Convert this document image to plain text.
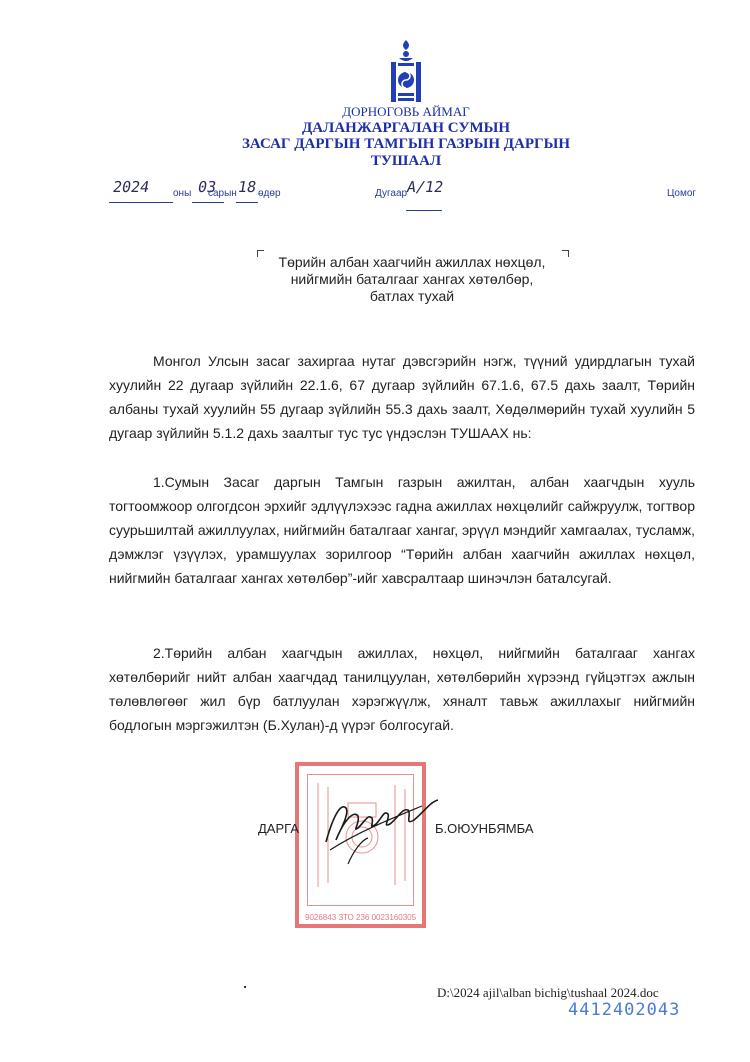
ДОРНОГОВЬ АЙМАГ
ДАЛАНЖАРГАЛАН СУМЫН
ЗАСАГ ДАРГЫН ТАМГЫН ГАЗРЫН ДАРГЫН
ТУШААЛ
2024 оны 03
сарын 18 өдөр	Дугаар
А/12	Цомог
Төрийн албан хаагчийн ажиллах нөхцөл,
нийгмийн баталгааг хангах хөтөлбөр,
батлах тухай
Монгол Улсын засаг захиргаа нутаг дэвсгэрийн нэгж, түүний удирдлагын тухай хуулийн 22 дугаар зүйлийн 22.1.6, 67 дугаар зүйлийн 67.1.6, 67.5 дахь заалт, Төрийн албаны тухай хуулийн 55 дугаар зүйлийн 55.3 дахь заалт, Хөдөлмөрийн тухай хуулийн 5 дугаар зүйлийн 5.1.2 дахь заалтыг тус тус үндэслэн ТУШААХ нь:
1.Сумын Засаг даргын Тамгын газрын ажилтан, албан хаагчдын хууль тогтоомжоор олгогдсон эрхийг эдлүүлэхээс гадна ажиллах нөхцөлийг сайжруулж, тогтвор суурьшилтай ажиллуулах, нийгмийн баталгааг хангаг, эрүүл мэндийг хамгаалах, тусламж, дэмжлэг үзүүлэх, урамшуулах зорилгоор “Төрийн албан хаагчийн ажиллах нөхцөл, нийгмийн баталгааг хангах хөтөлбөр”-ийг хавсралтаар шинэчлэн баталсугай.
2.Төрийн албан хаагчдын ажиллах, нөхцөл, нийгмийн баталгааг хангах хөтөлбөрийг нийт албан хаагчдад танилцуулан, хөтөлбөрийн хүрээнд гүйцэтгэх ажлын төлөвлөгөөг жил бүр батлуулан хэрэгжүүлж, хяналт тавьж ажиллахыг нийгмийн бодлогын мэргэжилтэн (Б.Хулан)-д үүрэг болгосугай.
9026843 ЗТО 236 0023160305
ДАРГА	Б.ОЮУНБЯМБА
D:\2024 ajil\alban bichig\tushaal 2024.doc
4412402043
